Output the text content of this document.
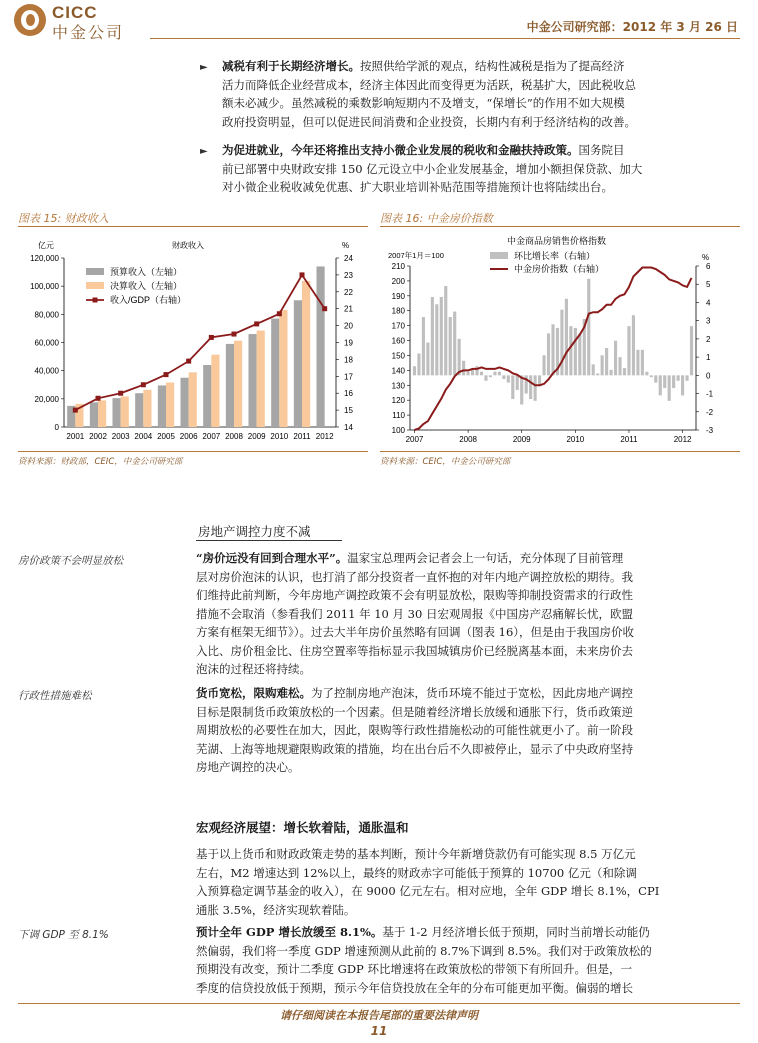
CICC
中金公司	中金公司研究部：2012 年 3 月 26 日
► 减税有利于长期经济增长。按照供给学派的观点，结构性减税是指为了提高经济
活力而降低企业经营成本，经济主体因此而变得更为活跃，税基扩大，因此税收总
额未必减少。虽然减税的乘数影响短期内不及增支，“保增长”的作用不如大规模
政府投资明显，但可以促进民间消费和企业投资，长期内有利于经济结构的改善。
► 为促进就业，今年还将推出支持小微企业发展的税收和金融扶持政策。国务院目
前已部署中央财政安排 150 亿元设立中小企业发展基金，增加小额担保贷款、加大
对小微企业税收减免优惠、扩大职业培训补贴范围等措施预计也将陆续出台。
图表 15: 财政收入	图表 16: 中金房价指数
亿元	%
财政收入
0
20,000
40,000
60,000
80,000
100,000
120,000
14
15
16
17
18
19
20
21
22
23
24
2001 2002 2003 2004 2005 2006 2007 2008 2009 2010 2011 2012
预算收入（左轴）
决算收入（左轴）
收入/GDP（右轴）
中金商品房销售价格指数
2007年1月＝100	%
100
110
120
130
140
150
160
170
180
190
200
210
-3
-2
-1
0
1
2
3
4
5
6
2007	2008	2009	2010	2011	2012
环比增长率（右轴）
中金房价指数（右轴）
资料来源：财政部，CEIC，中金公司研究部	资料来源：CEIC，中金公司研究部
房地产调控力度不减
房价政策不会明显放松	“房价远没有回到合理水平”。温家宝总理两会记者会上一句话，充分体现了目前管理
层对房价泡沫的认识，也打消了部分投资者一直怀抱的对年内地产调控放松的期待。我
们维持此前判断，今年房地产调控政策不会有明显放松，限购等抑制投资需求的行政性
措施不会取消（参看我们 2011 年 10 月 30 日宏观周报《中国房产忍痛解长忧，欧盟
方案有框架无细节》）。过去大半年房价虽然略有回调（图表 16），但是由于我国房价收
入比、房价租金比、住房空置率等指标显示我国城镇房价已经脱离基本面，未来房价去
泡沫的过程还将持续。
行政性措施难松	货币宽松，限购难松。为了控制房地产泡沫，货币环境不能过于宽松，因此房地产调控
目标是限制货币政策放松的一个因素。但是随着经济增长放缓和通胀下行，货币政策逆
周期放松的必要性在加大，因此，限购等行政性措施松动的可能性就更小了。前一阶段
芜湖、上海等地规避限购政策的措施，均在出台后不久即被停止，显示了中央政府坚持
房地产调控的决心。
宏观经济展望：增长软着陆，通胀温和
基于以上货币和财政政策走势的基本判断，预计今年新增贷款仍有可能实现 8.5 万亿元
左右，M2 增速达到 12%以上，最终的财政赤字可能低于预算的 10700 亿元（和除调
入预算稳定调节基金的收入），在 9000 亿元左右。相对应地，全年 GDP 增长 8.1%，CPI
通胀 3.5%，经济实现软着陆。
下调 GDP 至 8.1%	预计全年 GDP 增长放缓至 8.1%。基于 1-2 月经济增长低于预期，同时当前增长动能仍
然偏弱，我们将一季度 GDP 增速预测从此前的 8.7%下调到 8.5%。我们对于政策放松的
预期没有改变，预计二季度 GDP 环比增速将在政策放松的带领下有所回升。但是，一
季度的信贷投放低于预期，预示今年信贷投放在全年的分布可能更加平衡。偏弱的增长
请仔细阅读在本报告尾部的重要法律声明
11
